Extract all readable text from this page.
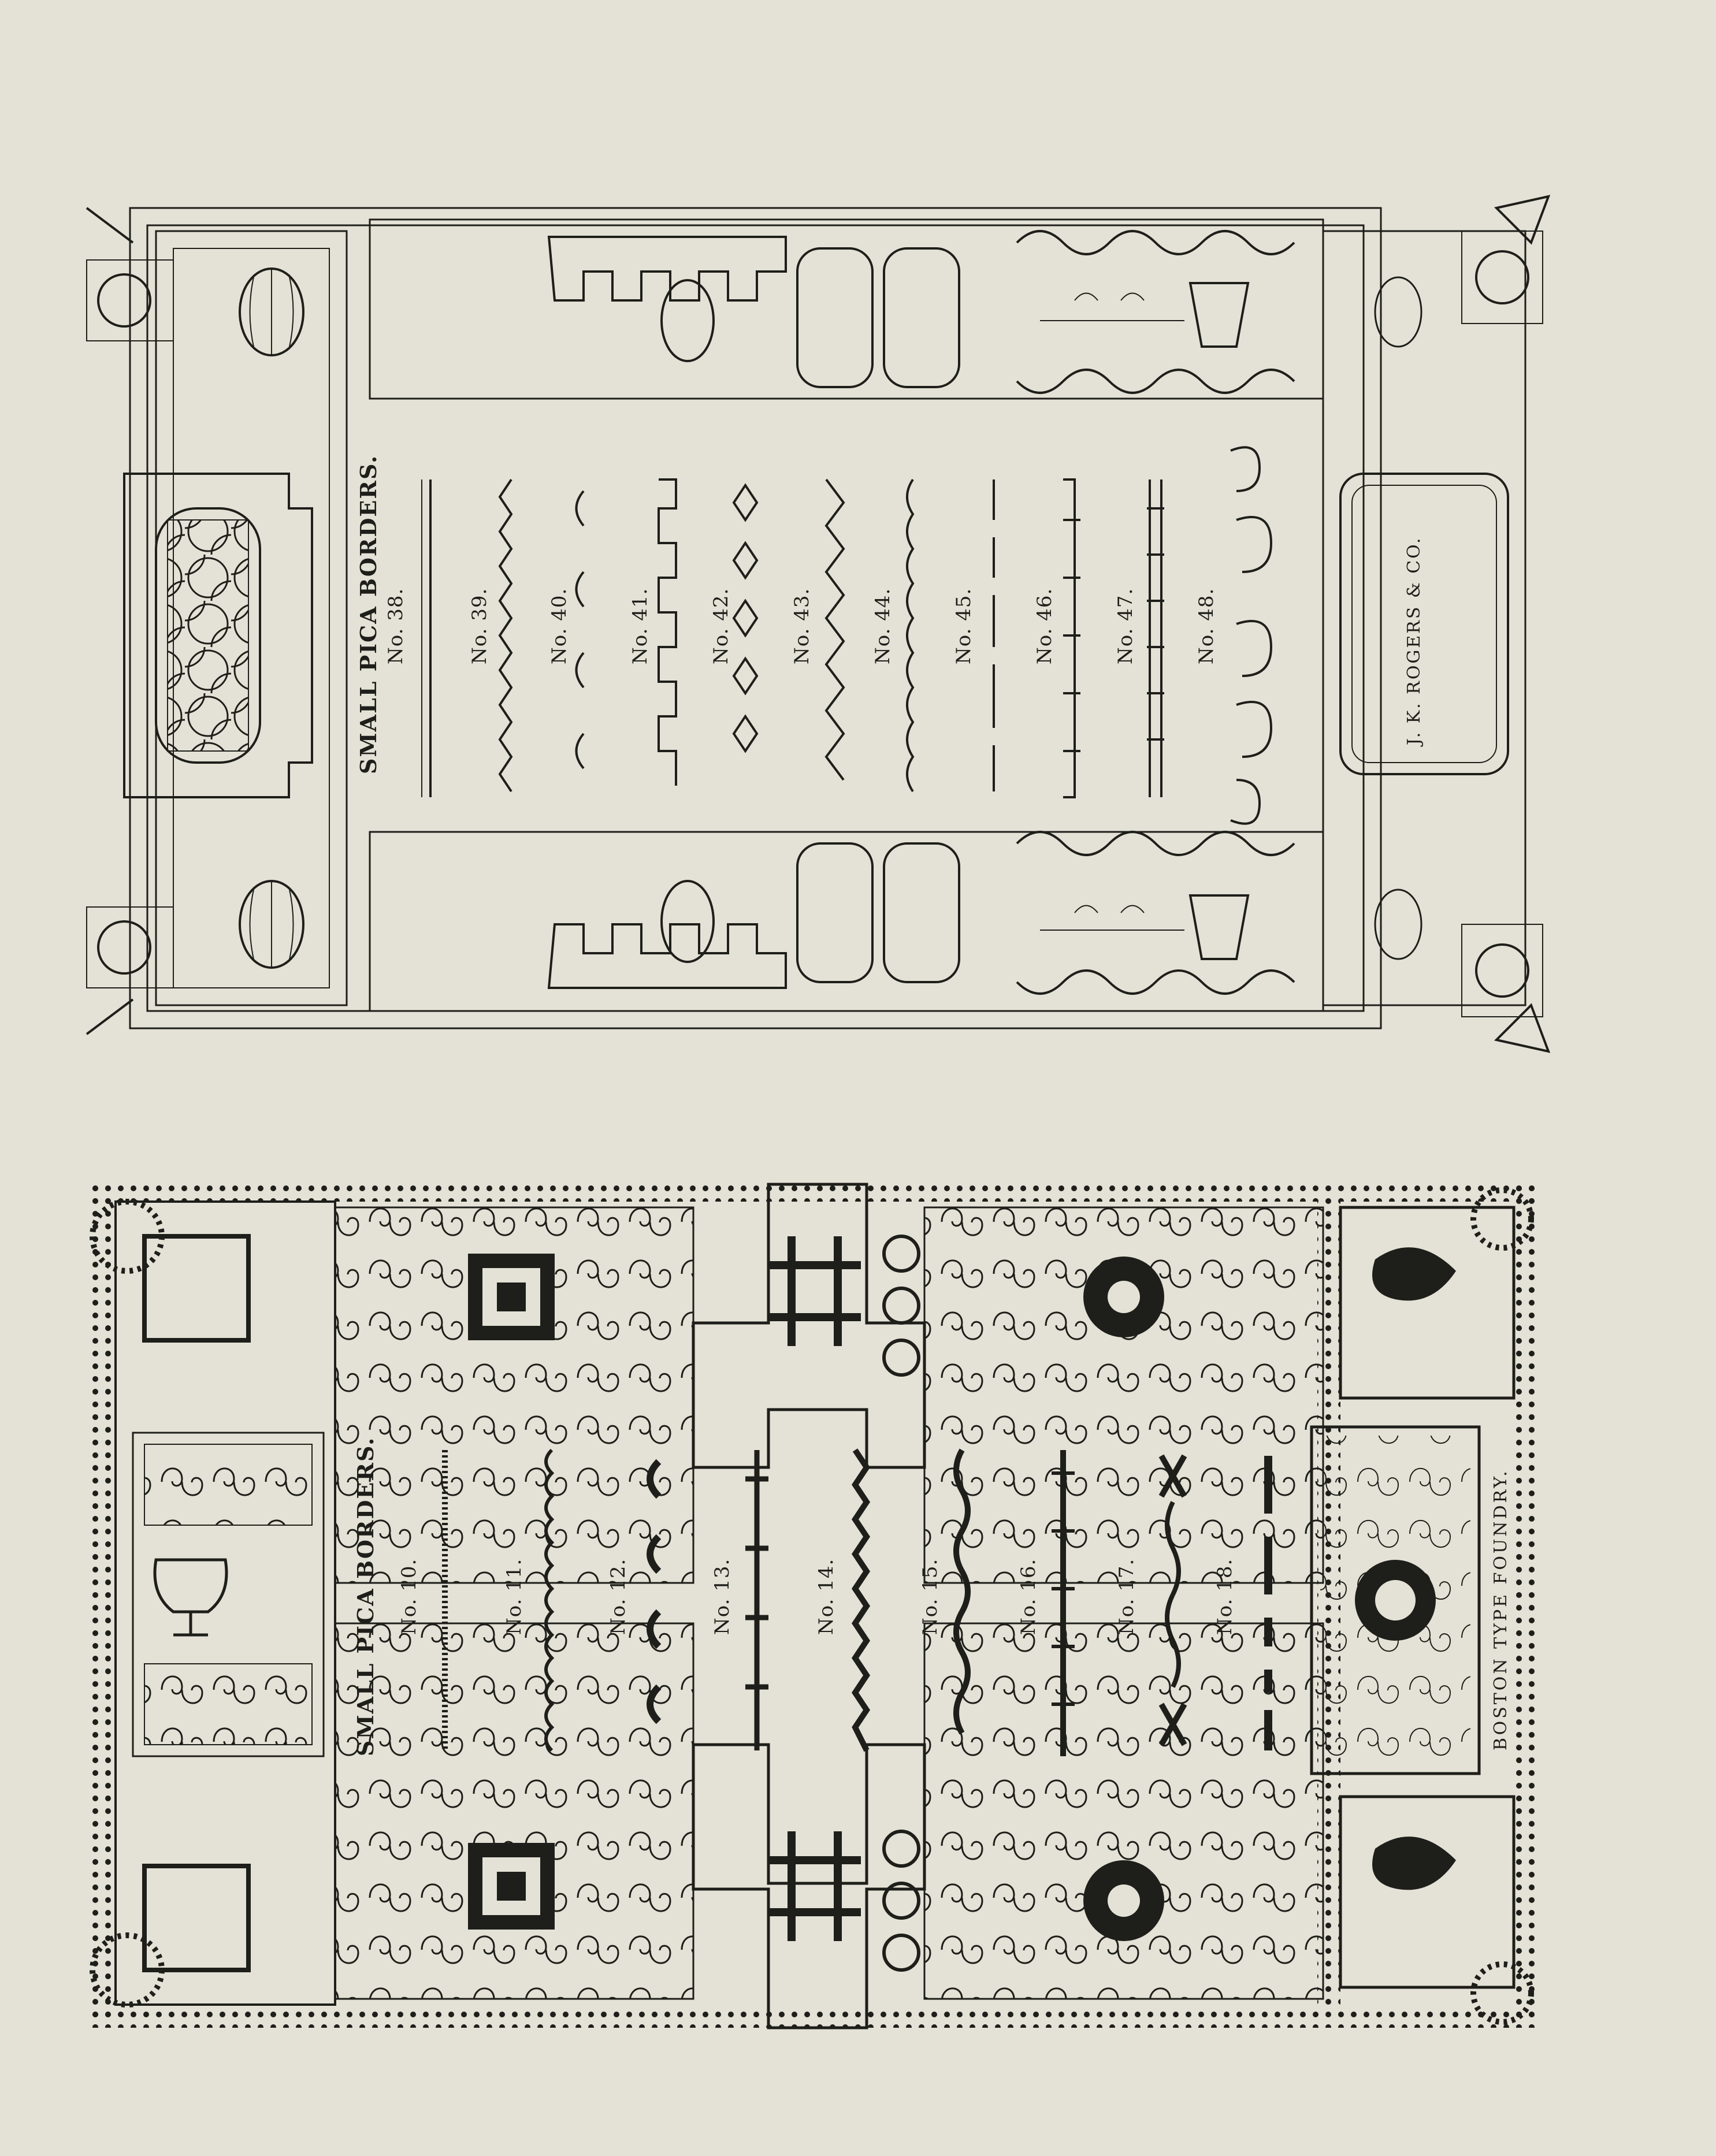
SMALL PICA BORDERS. No. 38.	No. 39.	No. 40.	No. 41.	No. 42.	No. 43.	No. 44.	No. 45.	No. 46.	No. 47.	No. 48.	J. K. ROGERS & CO.
SMALL PICA BORDERS. No. 10.	No. 11.	No. 12.	No. 13.	No. 14.	No. 15.	No. 16.	No. 17.	No. 18.	BOSTON TYPE FOUNDRY.
